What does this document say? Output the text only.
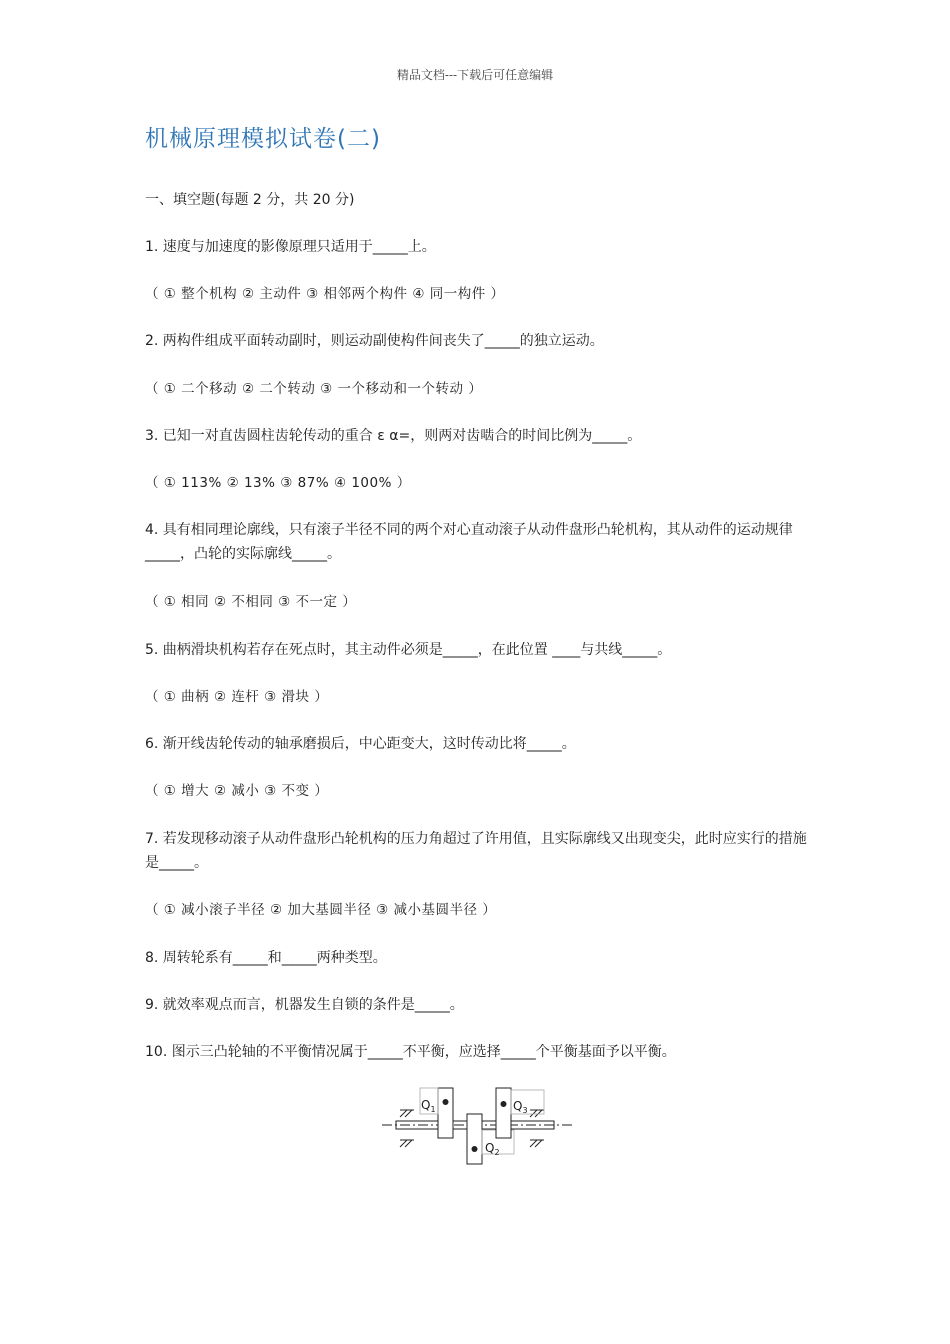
精品文档---下载后可任意编辑
机械原理模拟试卷(二)
一、填空题(每题 2 分，共 20 分)
1. 速度与加速度的影像原理只适用于_____上。
（ ① 整个机构 ② 主动件 ③ 相邻两个构件 ④ 同一构件 ）
2. 两构件组成平面转动副时，则运动副使构件间丧失了_____的独立运动。
（ ① 二个移动 ② 二个转动 ③ 一个移动和一个转动 ）
3. 已知一对直齿圆柱齿轮传动的重合 ε α=，则两对齿啮合的时间比例为_____。
（ ① 113% ② 13% ③ 87% ④ 100% ）
4. 具有相同理论廓线，只有滚子半径不同的两个对心直动滚子从动件盘形凸轮机构，其从动件的运动规律_____，凸轮的实际廓线_____。
（ ① 相同 ② 不相同 ③ 不一定 ）
5. 曲柄滑块机构若存在死点时，其主动件必须是_____，在此位置 ____与共线_____。
（ ① 曲柄 ② 连杆 ③ 滑块 ）
6. 渐开线齿轮传动的轴承磨损后，中心距变大，这时传动比将_____。
（ ① 增大 ② 减小 ③ 不变 ）
7. 若发现移动滚子从动件盘形凸轮机构的压力角超过了许用值，且实际廓线又出现变尖，此时应实行的措施是_____。
（ ① 减小滚子半径 ② 加大基圆半径 ③ 减小基圆半径 ）
8. 周转轮系有_____和_____两种类型。
9. 就效率观点而言，机器发生自锁的条件是_____。
10. 图示三凸轮轴的不平衡情况属于_____不平衡，应选择_____个平衡基面予以平衡。
$Q_1$
$Q_2$
$Q_3$
